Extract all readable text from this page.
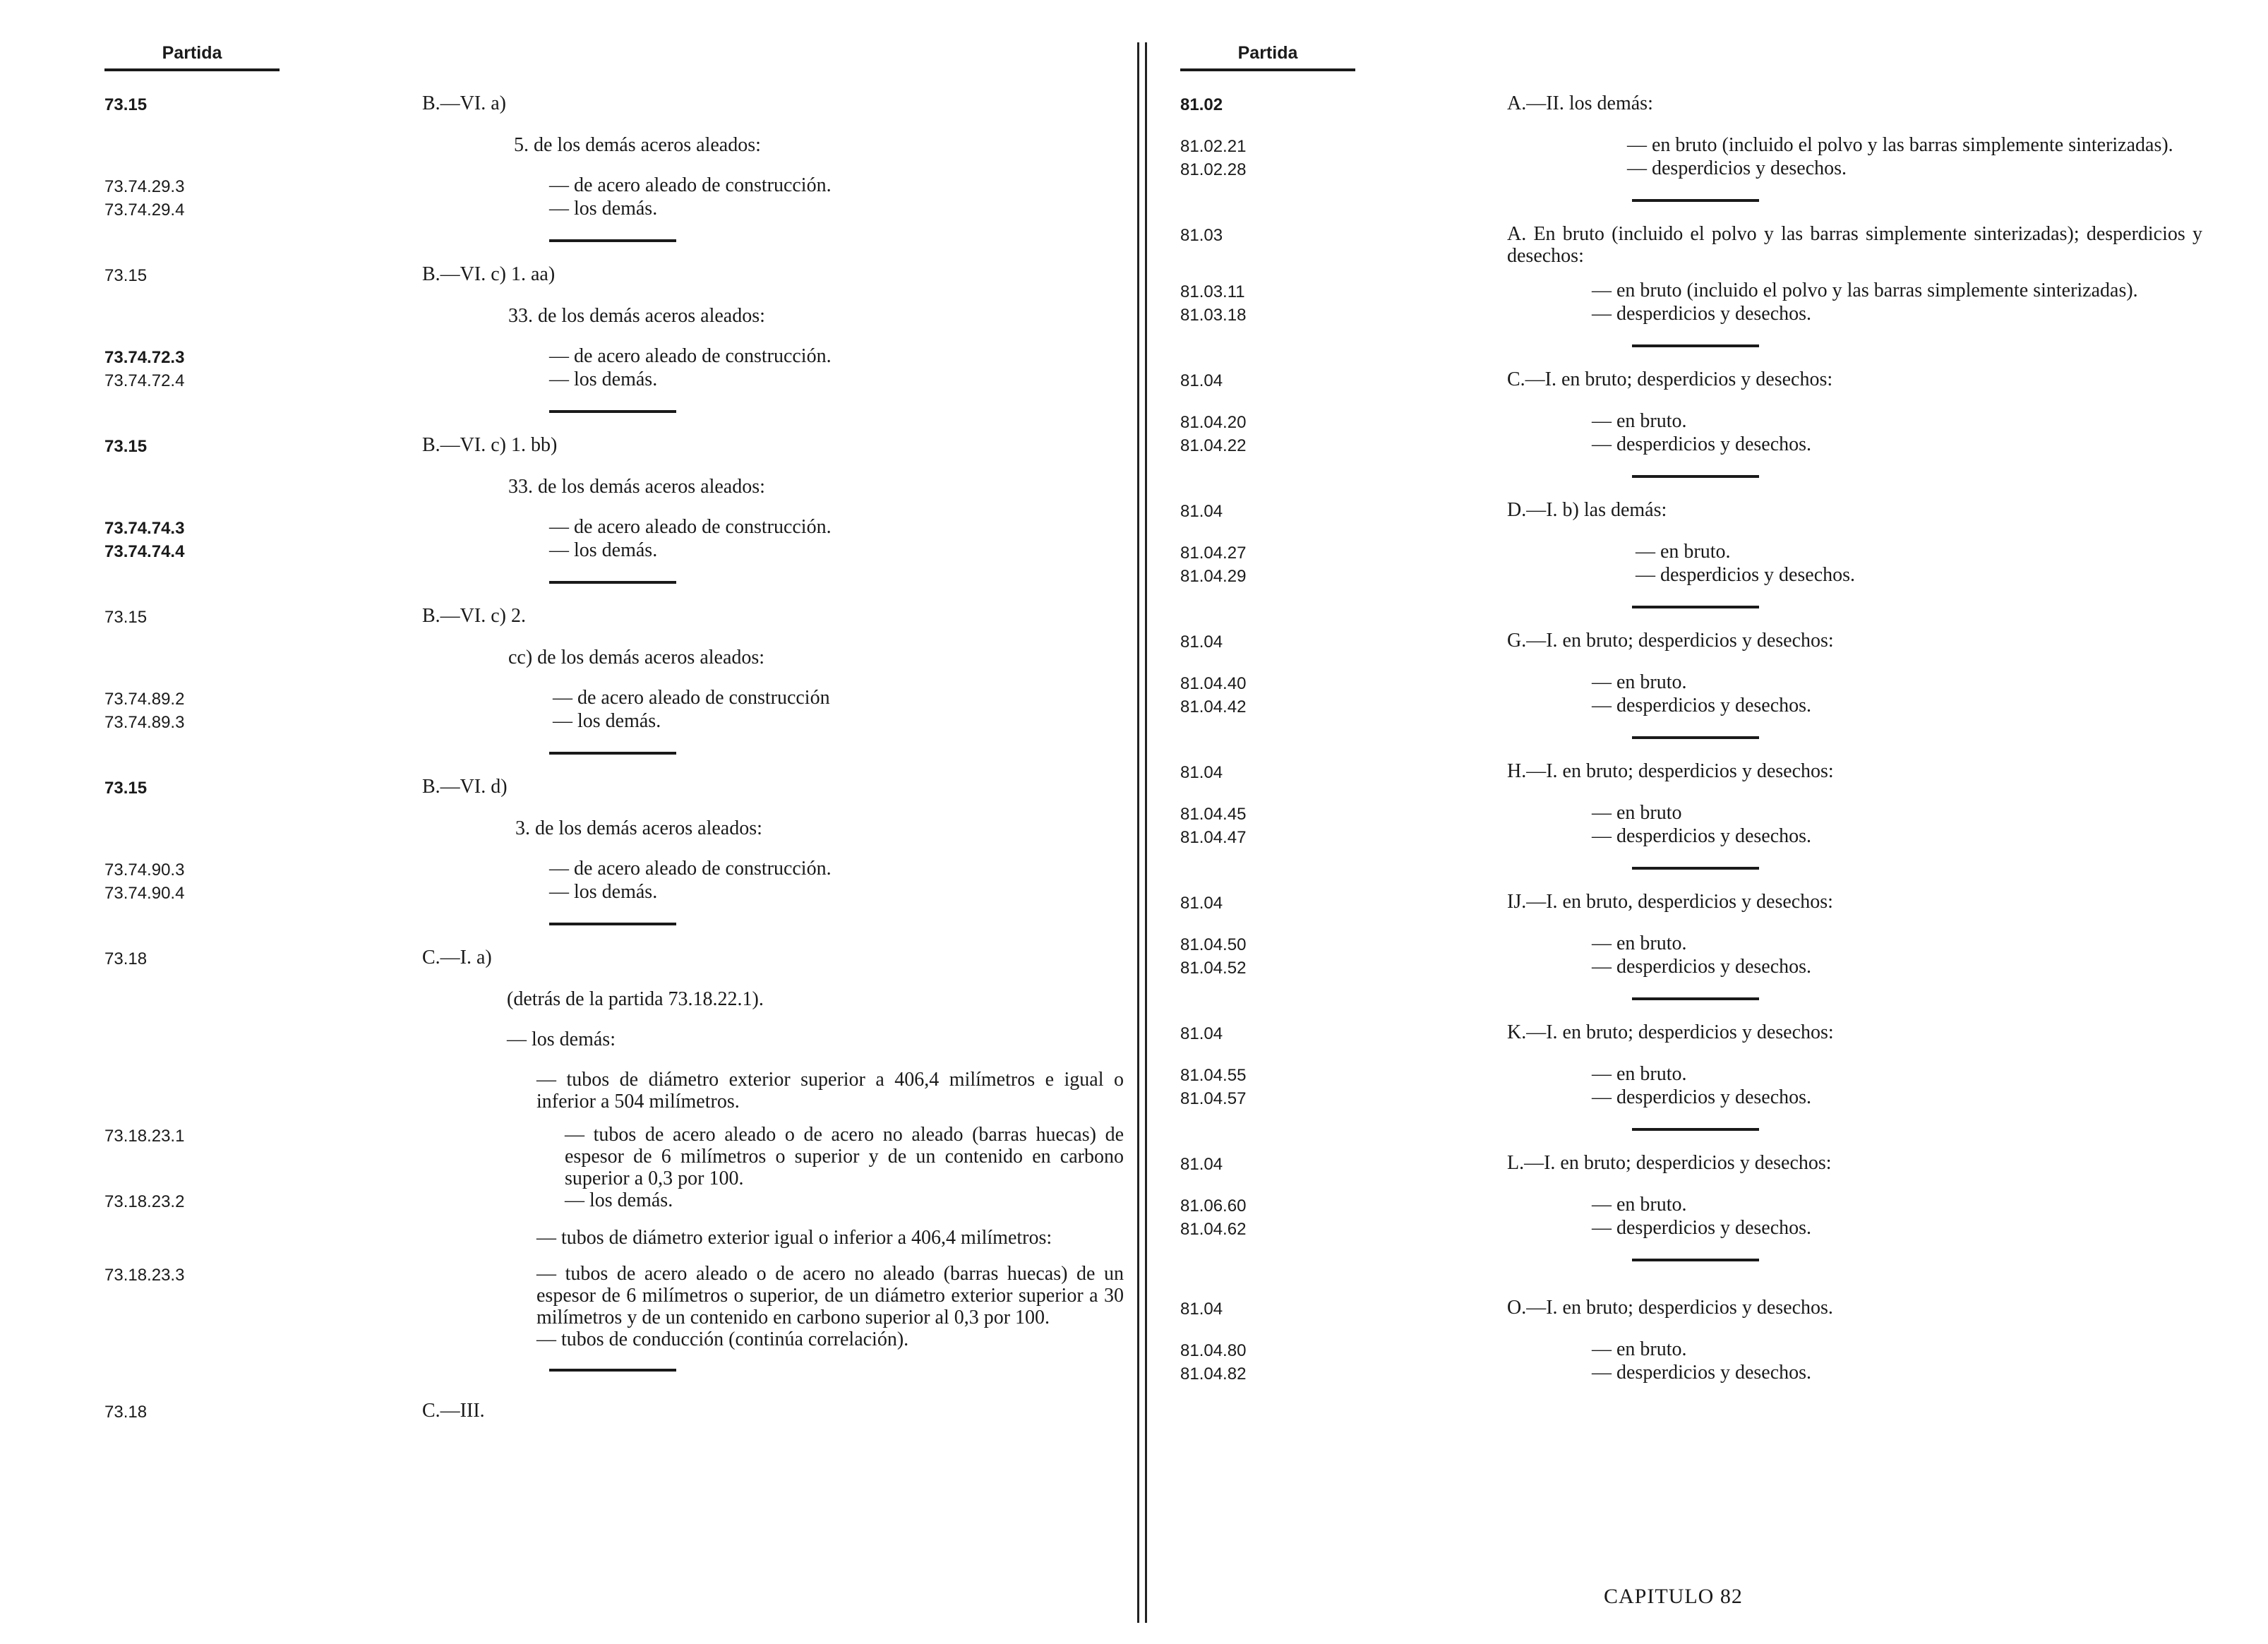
Partida
73.15	B.—VI. a)
5. de los demás aceros aleados:
73.74.29.3	— de acero aleado de construcción.
73.74.29.4	— los demás.
73.15	B.—VI. c) 1. aa)
33. de los demás aceros aleados:
73.74.72.3	— de acero aleado de construcción.
73.74.72.4	— los demás.
73.15	B.—VI. c) 1. bb)
33. de los demás aceros aleados:
73.74.74.3	— de acero aleado de construcción.
73.74.74.4	— los demás.
73.15	B.—VI. c) 2.
cc) de los demás aceros aleados:
73.74.89.2	— de acero aleado de construcción
73.74.89.3	— los demás.
73.15	B.—VI. d)
3. de los demás aceros aleados:
73.74.90.3	— de acero aleado de construcción.
73.74.90.4	— los demás.
73.18	C.—I. a)
(detrás de la partida 73.18.22.1).
— los demás:
— tubos de diámetro exterior superior a 406,4 milímetros e igual o inferior a 504 milímetros.
73.18.23.1	— tubos de acero aleado o de acero no aleado (barras huecas) de espesor de 6 milímetros o superior y de un contenido en carbono superior a 0,3 por 100.
73.18.23.2	— los demás.
— tubos de diámetro exterior igual o inferior a 406,4 milímetros:
73.18.23.3	— tubos de acero aleado o de acero no aleado (barras huecas) de un espesor de 6 milímetros o superior, de un diámetro exterior superior a 30 milímetros y de un contenido en carbono superior al 0,3 por 100.
— tubos de conducción (continúa correlación).
73.18	C.—III.
Partida
81.02	A.—II. los demás:
81.02.21	— en bruto (incluido el polvo y las barras simplemente sinterizadas).
81.02.28	— desperdicios y desechos.
81.03	A. En bruto (incluido el polvo y las barras simplemente sinterizadas); desperdicios y desechos:
81.03.11	— en bruto (incluido el polvo y las barras simplemente sinterizadas).
81.03.18	— desperdicios y desechos.
81.04	C.—I. en bruto; desperdicios y desechos:
81.04.20	— en bruto.
81.04.22	— desperdicios y desechos.
81.04	D.—I. b) las demás:
81.04.27	— en bruto.
81.04.29	— desperdicios y desechos.
81.04	G.—I. en bruto; desperdicios y desechos:
81.04.40	— en bruto.
81.04.42	— desperdicios y desechos.
81.04	H.—I. en bruto; desperdicios y desechos:
81.04.45	— en bruto
81.04.47	— desperdicios y desechos.
81.04	IJ.—I. en bruto, desperdicios y desechos:
81.04.50	— en bruto.
81.04.52	— desperdicios y desechos.
81.04	K.—I. en bruto; desperdicios y desechos:
81.04.55	— en bruto.
81.04.57	— desperdicios y desechos.
81.04	L.—I. en bruto; desperdicios y desechos:
81.06.60	— en bruto.
81.04.62	— desperdicios y desechos.
81.04	O.—I. en bruto; desperdicios y desechos.
81.04.80	— en bruto.
81.04.82	— desperdicios y desechos.
CAPITULO 82
